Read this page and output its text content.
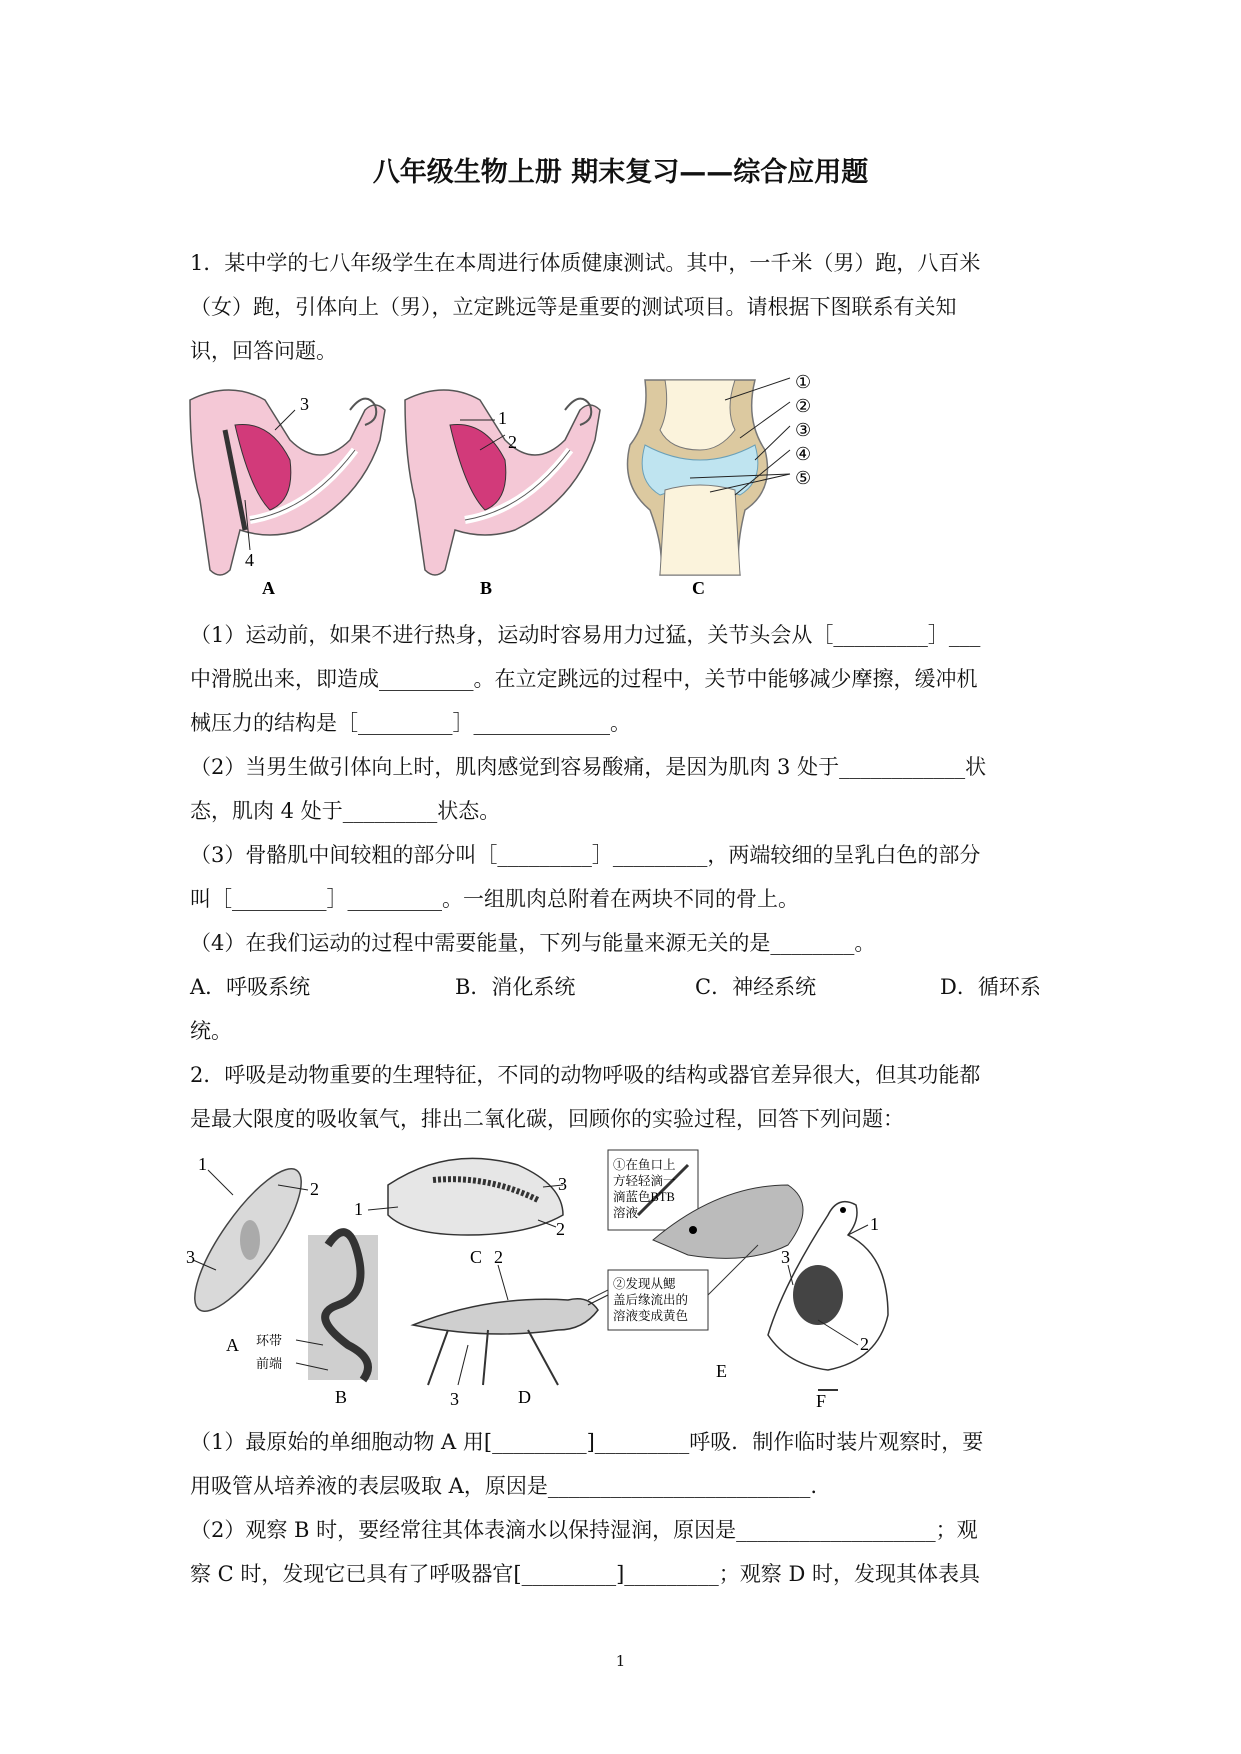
八年级生物上册 期末复习——综合应用题
1．某中学的七八年级学生在本周进行体质健康测试。其中，一千米（男）跑，八百米
（女）跑，引体向上（男），立定跳远等是重要的测试项目。请根据下图联系有关知
识，回答问题。
3
4
A
1
2
B
①
②
③
④
⑤
C
（1）运动前，如果不进行热身，运动时容易用力过猛，关节头会从［_________］___
中滑脱出来，即造成_________。在立定跳远的过程中，关节中能够减少摩擦，缓冲机
械压力的结构是［_________］_____________。
（2）当男生做引体向上时，肌肉感觉到容易酸痛，是因为肌肉 3 处于____________状
态，肌肉 4 处于_________状态。
（3）骨骼肌中间较粗的部分叫［_________］_________，两端较细的呈乳白色的部分
叫［_________］_________。一组肌肉总附着在两块不同的骨上。
（4）在我们运动的过程中需要能量，下列与能量来源无关的是________。
A．呼吸系统	B．消化系统	C．神经系统	D．循环系
统。
2．呼吸是动物重要的生理特征，不同的动物呼吸的结构或器官差异很大，但其功能都
是最大限度的吸收氧气，排出二氧化碳，回顾你的实验过程，回答下列问题：
1
2
3
A 环带
前端
B
1
3
2
C 2
3	D
①在鱼口上
方轻轻滴一
滴蓝色BTB
溶液
②发现从鳃
盖后缘流出的
溶液变成黄色
E
1
3
2
F
（1）最原始的单细胞动物 A 用[_________]_________呼吸．制作临时装片观察时，要
用吸管从培养液的表层吸取 A，原因是_________________________.
（2）观察 B 时，要经常往其体表滴水以保持湿润，原因是___________________；观
察 C 时，发现它已具有了呼吸器官[_________]_________；观察 D 时，发现其体表具
1
